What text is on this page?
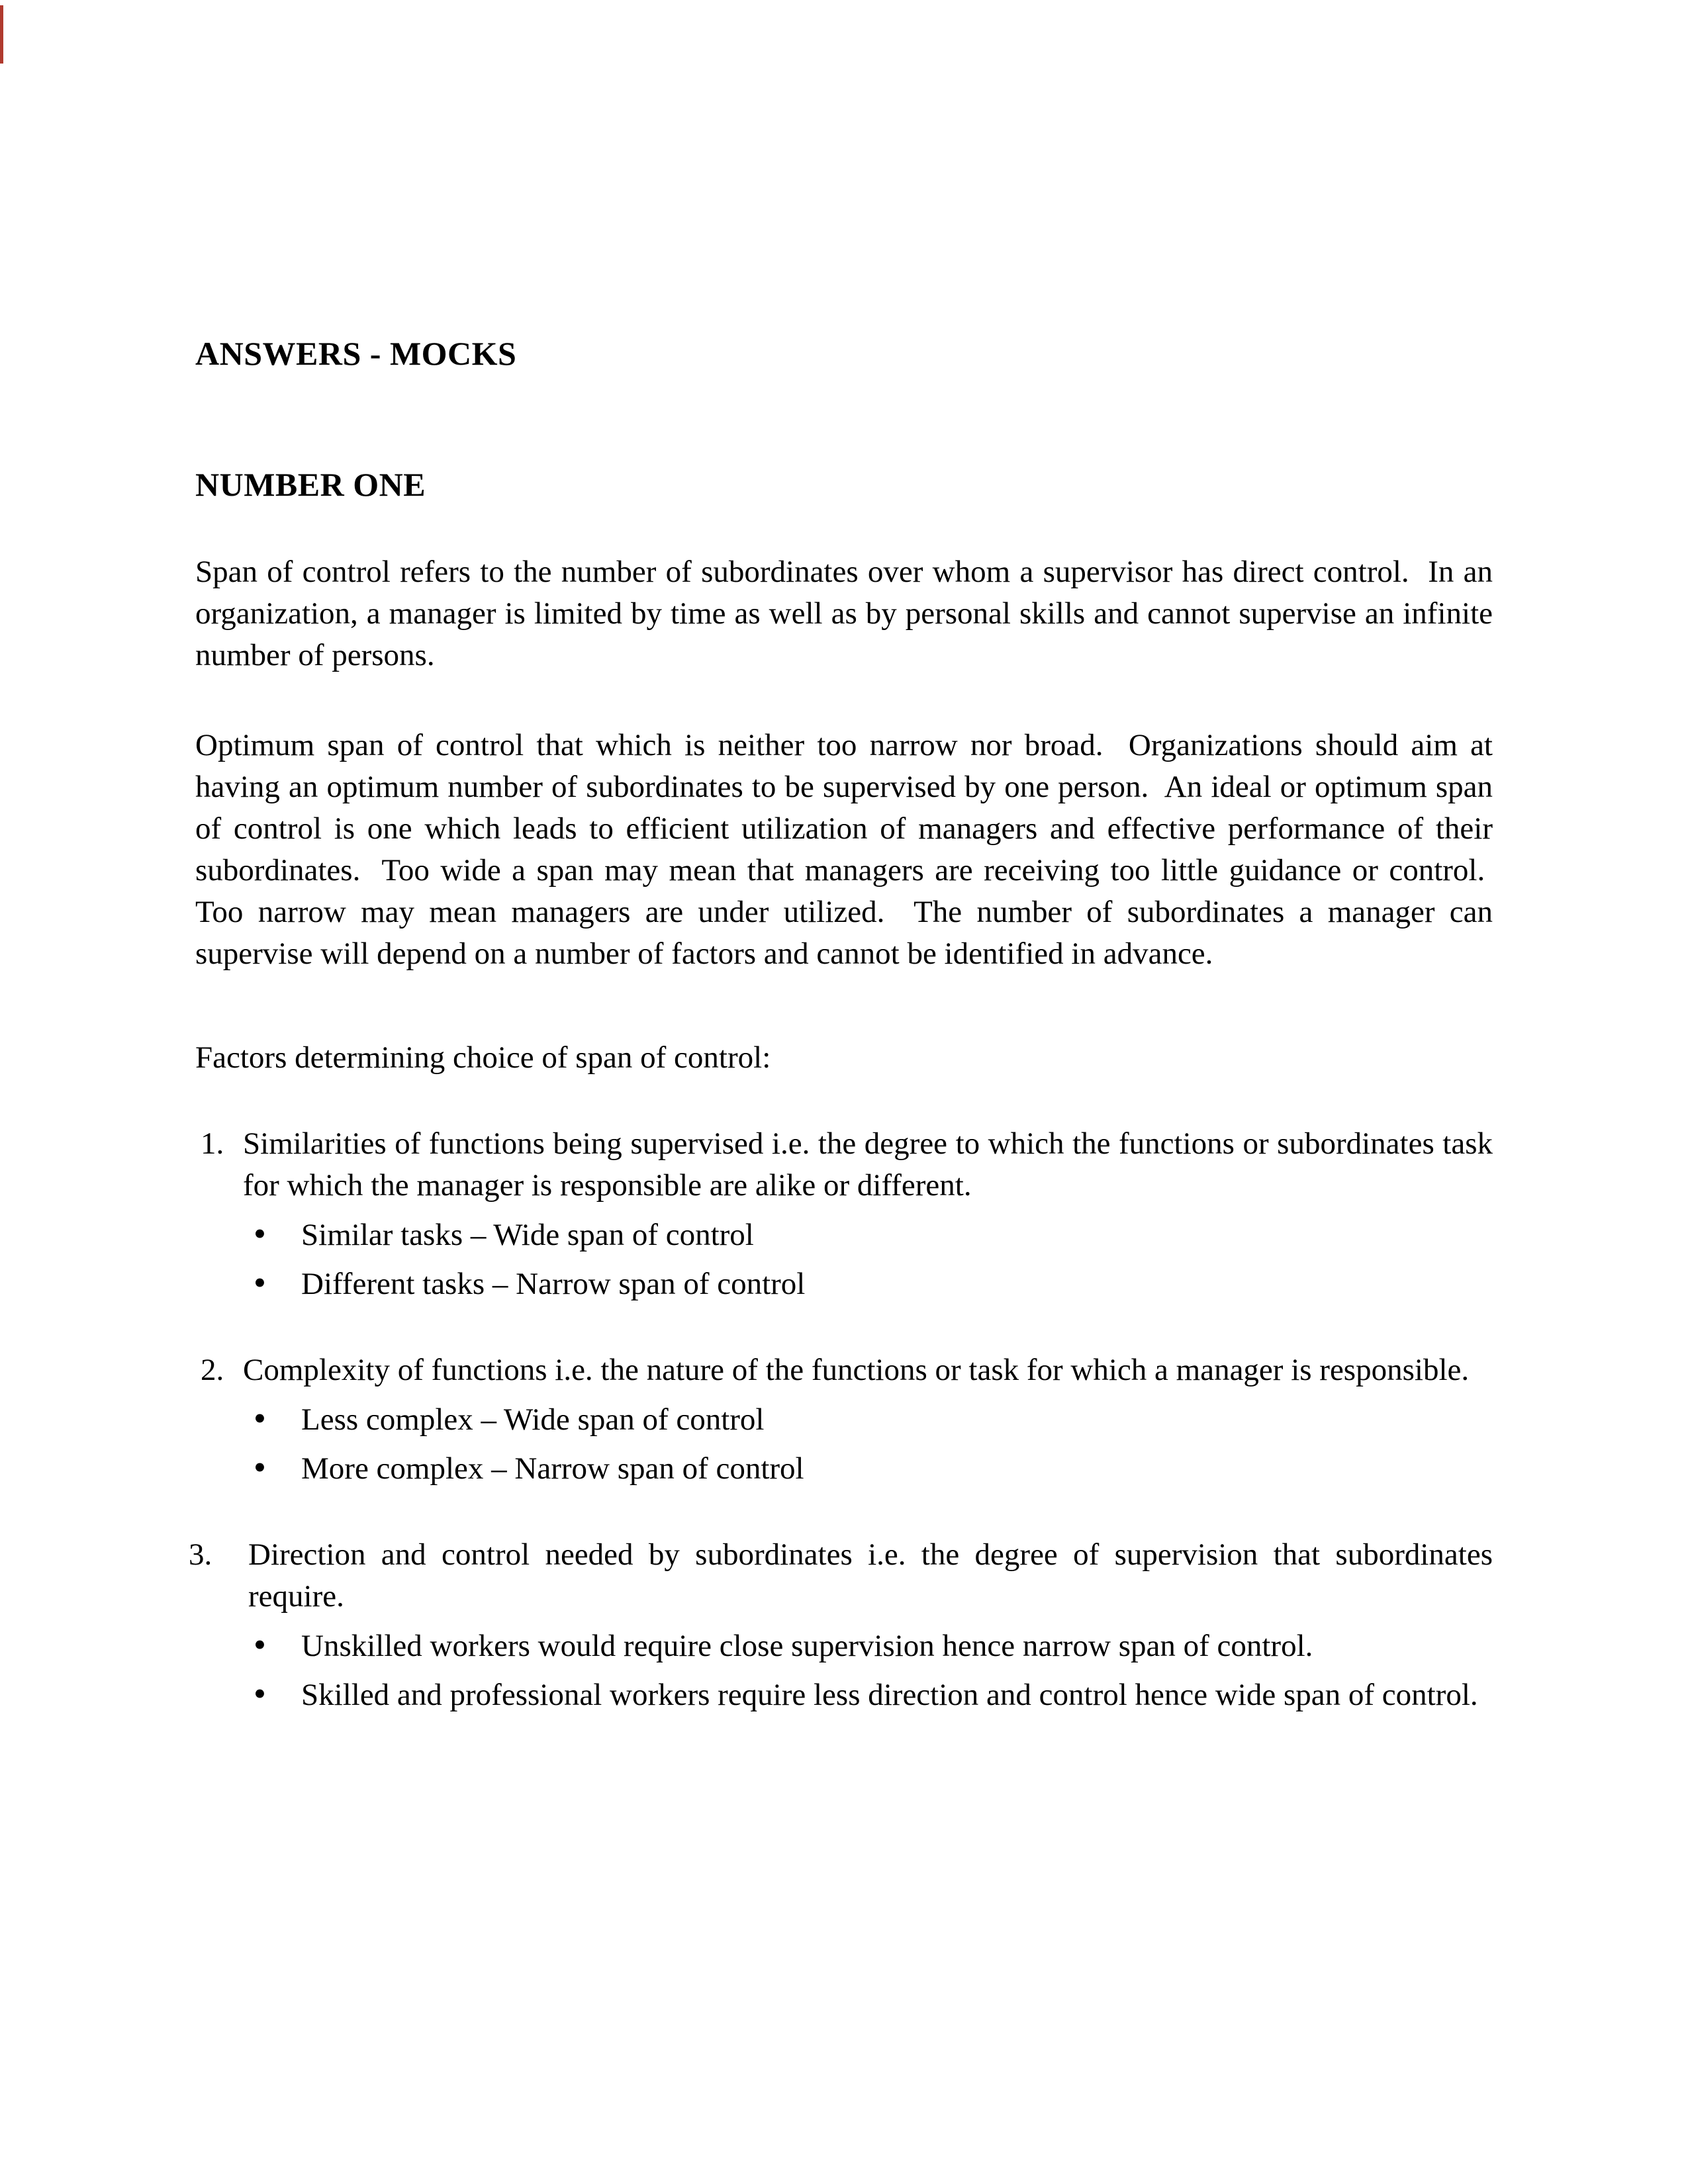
ANSWERS - MOCKS
NUMBER ONE

Span of control refers to the number of subordinates over whom a supervisor has direct control.  In an organization, a manager is limited by time as well as by personal skills and cannot supervise an infinite number of persons.

Optimum span of control that which is neither too narrow nor broad.  Organizations should aim at having an optimum number of subordinates to be supervised by one person.  An ideal or optimum span of control is one which leads to efficient utilization of managers and effective performance of their subordinates.  Too wide a span may mean that managers are receiving too little guidance or control.  Too narrow may mean managers are under utilized.  The number of subordinates a manager can supervise will depend on a number of factors and cannot be identified in advance.

Factors determining choice of span of control:

1. Similarities of functions being supervised i.e. the degree to which the functions or subordinates task for which the manager is responsible are alike or different.
• Similar tasks – Wide span of control
• Different tasks – Narrow span of control
2. Complexity of functions i.e. the nature of the functions or task for which a manager is responsible.
• Less complex – Wide span of control
• More complex – Narrow span of control
3. Direction and control needed by subordinates i.e. the degree of supervision that subordinates require.
• Unskilled workers would require close supervision hence narrow span of control.
• Skilled and professional workers require less direction and control hence wide span of control.
